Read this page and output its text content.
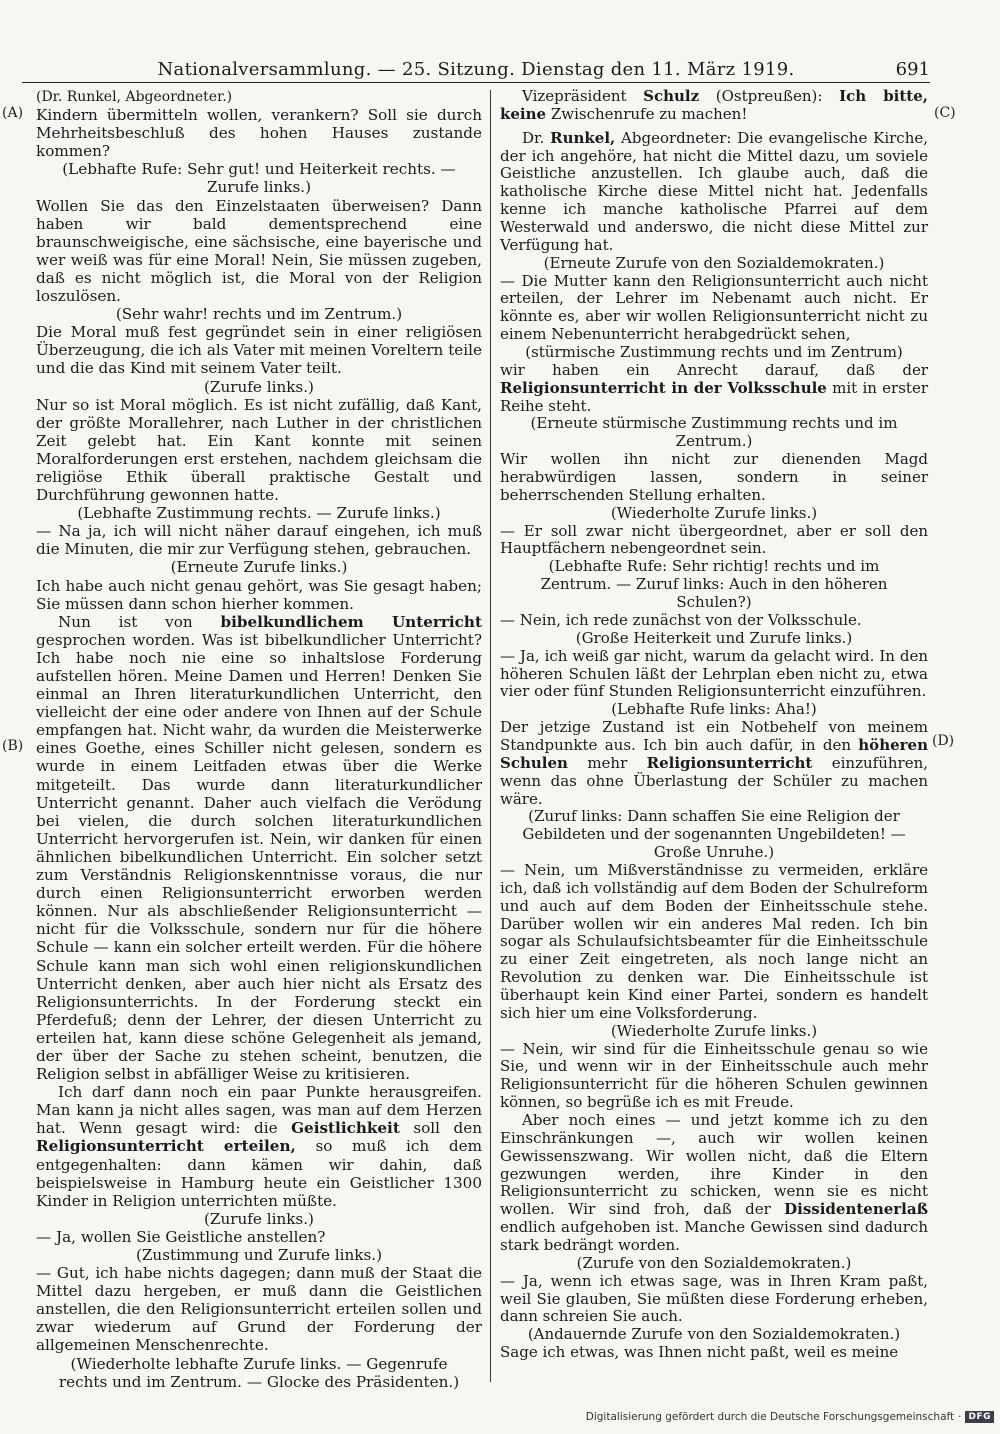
Nationalversammlung. — 25. Sitzung. Dienstag den 11. März 1919.	691
(A)
(B)
(C)
(D)

(Dr. Runkel, Abgeordneter.)

Kindern übermitteln wollen, verankern? Soll sie durch Mehrheitsbeschluß des hohen Hauses zustande kommen?

(Lebhafte Rufe: Sehr gut! und Heiterkeit rechts. — Zurufe links.)

Wollen Sie das den Einzelstaaten überweisen? Dann haben wir bald dementsprechend eine braunschweigische, eine sächsische, eine bayerische und wer weiß was für eine Moral! Nein, Sie müssen zugeben, daß es nicht möglich ist, die Moral von der Religion loszulösen.

(Sehr wahr! rechts und im Zentrum.)

Die Moral muß fest gegründet sein in einer religiösen Überzeugung, die ich als Vater mit meinen Voreltern teile und die das Kind mit seinem Vater teilt.

(Zurufe links.)

Nur so ist Moral möglich. Es ist nicht zufällig, daß Kant, der größte Morallehrer, nach Luther in der christlichen Zeit gelebt hat. Ein Kant konnte mit seinen Moralforderungen erst erstehen, nachdem gleichsam die religiöse Ethik überall praktische Gestalt und Durchführung gewonnen hatte.

(Lebhafte Zustimmung rechts. — Zurufe links.)

— Na ja, ich will nicht näher darauf eingehen, ich muß die Minuten, die mir zur Verfügung stehen, gebrauchen.

(Erneute Zurufe links.)

Ich habe auch nicht genau gehört, was Sie gesagt haben; Sie müssen dann schon hierher kommen.

Nun ist von bibelkundlichem Unterricht gesprochen worden. Was ist bibelkundlicher Unterricht? Ich habe noch nie eine so inhaltslose Forderung aufstellen hören. Meine Damen und Herren! Denken Sie einmal an Ihren literaturkundlichen Unterricht, den vielleicht der eine oder andere von Ihnen auf der Schule empfangen hat. Nicht wahr, da wurden die Meisterwerke eines Goethe, eines Schiller nicht gelesen, sondern es wurde in einem Leitfaden etwas über die Werke mitgeteilt. Das wurde dann literaturkundlicher Unterricht genannt. Daher auch vielfach die Verödung bei vielen, die durch solchen literaturkundlichen Unterricht hervorgerufen ist. Nein, wir danken für einen ähnlichen bibelkundlichen Unterricht. Ein solcher setzt zum Verständnis Religionskenntnisse voraus, die nur durch einen Religionsunterricht erworben werden können. Nur als abschließender Religionsunterricht — nicht für die Volksschule, sondern nur für die höhere Schule — kann ein solcher erteilt werden. Für die höhere Schule kann man sich wohl einen religionskundlichen Unterricht denken, aber auch hier nicht als Ersatz des Religionsunterrichts. In der Forderung steckt ein Pferdefuß; denn der Lehrer, der diesen Unterricht zu erteilen hat, kann diese schöne Gelegenheit als jemand, der über der Sache zu stehen scheint, benutzen, die Religion selbst in abfälliger Weise zu kritisieren.

Ich darf dann noch ein paar Punkte herausgreifen. Man kann ja nicht alles sagen, was man auf dem Herzen hat. Wenn gesagt wird: die Geistlichkeit soll den Religionsunterricht erteilen, so muß ich dem entgegenhalten: dann kämen wir dahin, daß beispielsweise in Hamburg heute ein Geistlicher 1300 Kinder in Religion unterrichten müßte.

(Zurufe links.)

— Ja, wollen Sie Geistliche anstellen?

(Zustimmung und Zurufe links.)

— Gut, ich habe nichts dagegen; dann muß der Staat die Mittel dazu hergeben, er muß dann die Geistlichen anstellen, die den Religionsunterricht erteilen sollen und zwar wiederum auf Grund der Forderung der allgemeinen Menschenrechte.

(Wiederholte lebhafte Zurufe links. — Gegenrufe rechts und im Zentrum. — Glocke des Präsidenten.)

Vizepräsident Schulz (Ostpreußen): Ich bitte, keine Zwischenrufe zu machen!

Dr. Runkel, Abgeordneter: Die evangelische Kirche, der ich angehöre, hat nicht die Mittel dazu, um soviele Geistliche anzustellen. Ich glaube auch, daß die katholische Kirche diese Mittel nicht hat. Jedenfalls kenne ich manche katholische Pfarrei auf dem Westerwald und anderswo, die nicht diese Mittel zur Verfügung hat.

(Erneute Zurufe von den Sozialdemokraten.)

— Die Mutter kann den Religionsunterricht auch nicht erteilen, der Lehrer im Nebenamt auch nicht. Er könnte es, aber wir wollen Religionsunterricht nicht zu einem Nebenunterricht herabgedrückt sehen,

(stürmische Zustimmung rechts und im Zentrum)

wir haben ein Anrecht darauf, daß der Religionsunterricht in der Volksschule mit in erster Reihe steht.

(Erneute stürmische Zustimmung rechts und im Zentrum.)

Wir wollen ihn nicht zur dienenden Magd herabwürdigen lassen, sondern in seiner beherrschenden Stellung erhalten.

(Wiederholte Zurufe links.)

— Er soll zwar nicht übergeordnet, aber er soll den Hauptfächern nebengeordnet sein.

(Lebhafte Rufe: Sehr richtig! rechts und im Zentrum. — Zuruf links: Auch in den höheren Schulen?)

— Nein, ich rede zunächst von der Volksschule.

(Große Heiterkeit und Zurufe links.)

— Ja, ich weiß gar nicht, warum da gelacht wird. In den höheren Schulen läßt der Lehrplan eben nicht zu, etwa vier oder fünf Stunden Religionsunterricht einzuführen.

(Lebhafte Rufe links: Aha!)

Der jetzige Zustand ist ein Notbehelf von meinem Standpunkte aus. Ich bin auch dafür, in den höheren Schulen mehr Religionsunterricht einzuführen, wenn das ohne Überlastung der Schüler zu machen wäre.

(Zuruf links: Dann schaffen Sie eine Religion der Gebildeten und der sogenannten Ungebildeten! — Große Unruhe.)

— Nein, um Mißverständnisse zu vermeiden, erkläre ich, daß ich vollständig auf dem Boden der Schulreform und auch auf dem Boden der Einheitsschule stehe. Darüber wollen wir ein anderes Mal reden. Ich bin sogar als Schulaufsichtsbeamter für die Einheitsschule zu einer Zeit eingetreten, als noch lange nicht an Revolution zu denken war. Die Einheitsschule ist überhaupt kein Kind einer Partei, sondern es handelt sich hier um eine Volksforderung.

(Wiederholte Zurufe links.)

— Nein, wir sind für die Einheitsschule genau so wie Sie, und wenn wir in der Einheitsschule auch mehr Religionsunterricht für die höheren Schulen gewinnen können, so begrüße ich es mit Freude.

Aber noch eines — und jetzt komme ich zu den Einschränkungen —, auch wir wollen keinen Gewissenszwang. Wir wollen nicht, daß die Eltern gezwungen werden, ihre Kinder in den Religionsunterricht zu schicken, wenn sie es nicht wollen. Wir sind froh, daß der Dissidentenerlaß endlich aufgehoben ist. Manche Gewissen sind dadurch stark bedrängt worden.

(Zurufe von den Sozialdemokraten.)

— Ja, wenn ich etwas sage, was in Ihren Kram paßt, weil Sie glauben, Sie müßten diese Forderung erheben, dann schreien Sie auch.

(Andauernde Zurufe von den Sozialdemokraten.)

Sage ich etwas, was Ihnen nicht paßt, weil es meine

Digitalisierung gefördert durch die Deutsche Forschungsgemeinschaft · DFG
